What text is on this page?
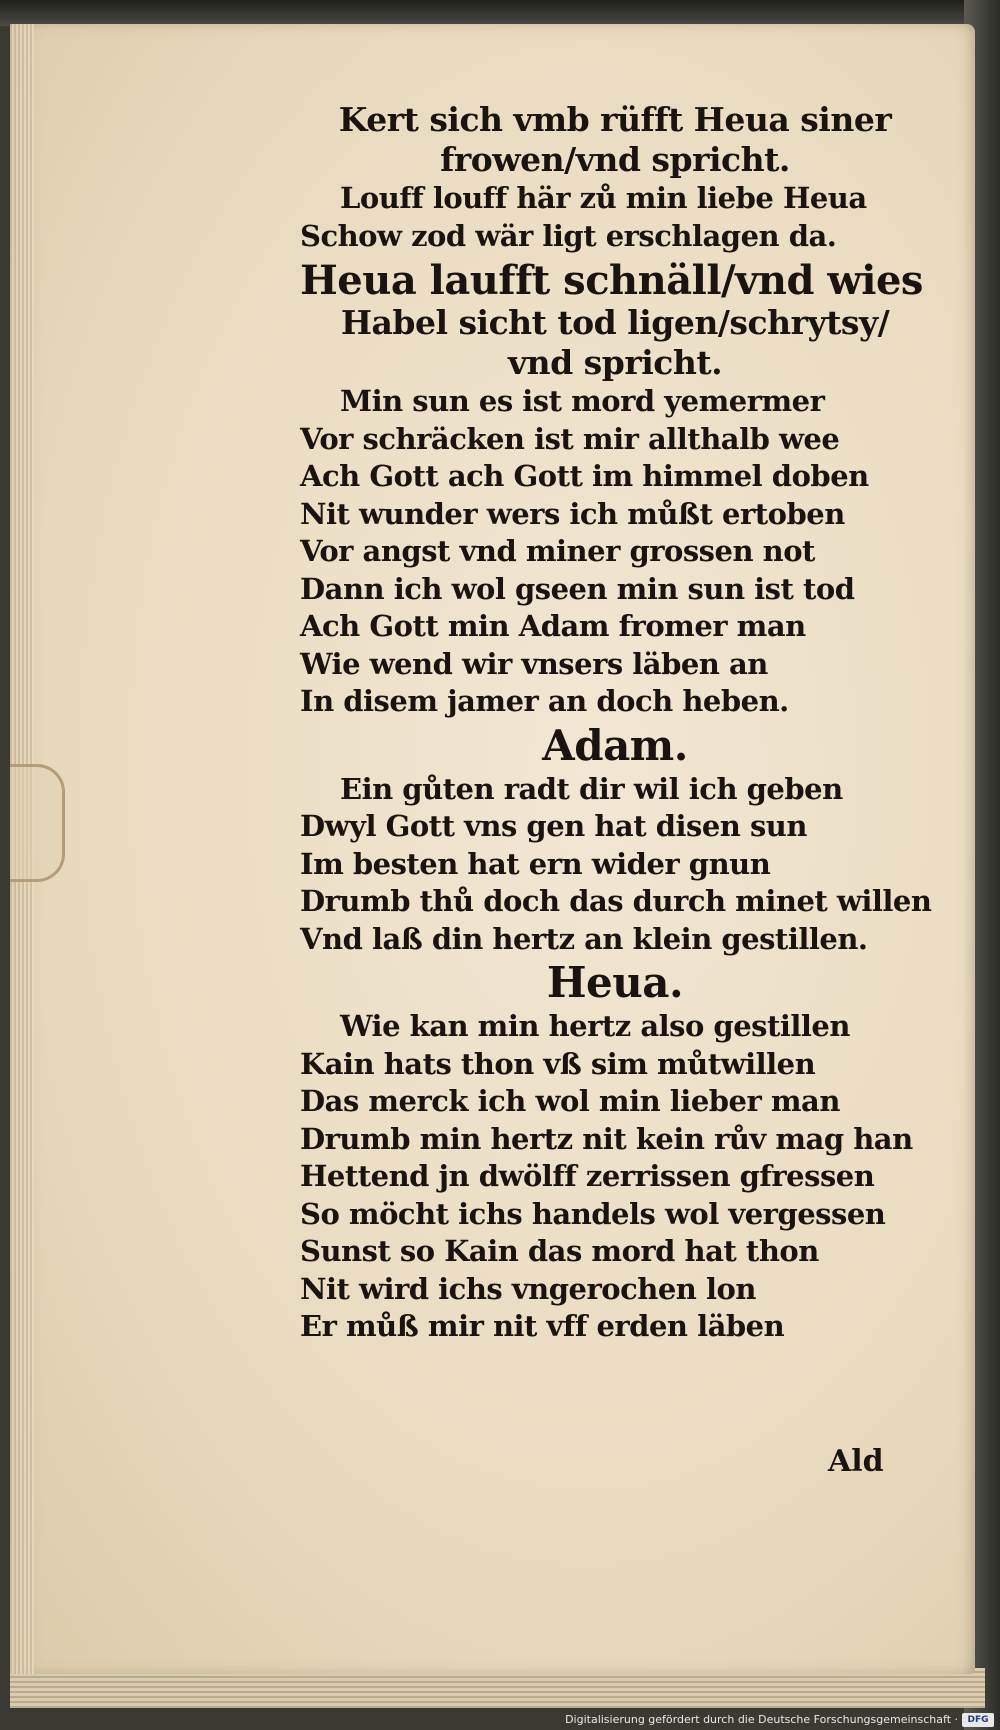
Kert sich vmb rüfft Heua siner

frowen/vnd spricht.

Louff louff här zů min liebe Heua

Schow zod wär ligt erschlagen da.

Heua laufft schnäll/vnd wies

Habel sicht tod ligen/schrytsy/

vnd spricht.

Min sun es ist mord yemermer

Vor schräcken ist mir allthalb wee

Ach Gott ach Gott im himmel doben

Nit wunder wers ich můßt ertoben

Vor angst vnd miner grossen not

Dann ich wol gseen min sun ist tod

Ach Gott min Adam fromer man

Wie wend wir vnsers läben an

In disem jamer an doch heben.

Adam.

Ein gůten radt dir wil ich geben

Dwyl Gott vns gen hat disen sun

Im besten hat ern wider gnun

Drumb thů doch das durch minet willen

Vnd laß din hertz an klein gestillen.

Heua.

Wie kan min hertz also gestillen

Kain hats thon vß sim můtwillen

Das merck ich wol min lieber man

Drumb min hertz nit kein rův mag han

Hettend jn dwölff zerrissen gfressen

So möcht ichs handels wol vergessen

Sunst so Kain das mord hat thon

Nit wird ichs vngerochen lon

Er můß mir nit vff erden läben

Ald
Digitalisierung gefördert durch die Deutsche Forschungsgemeinschaft ·	DFG
